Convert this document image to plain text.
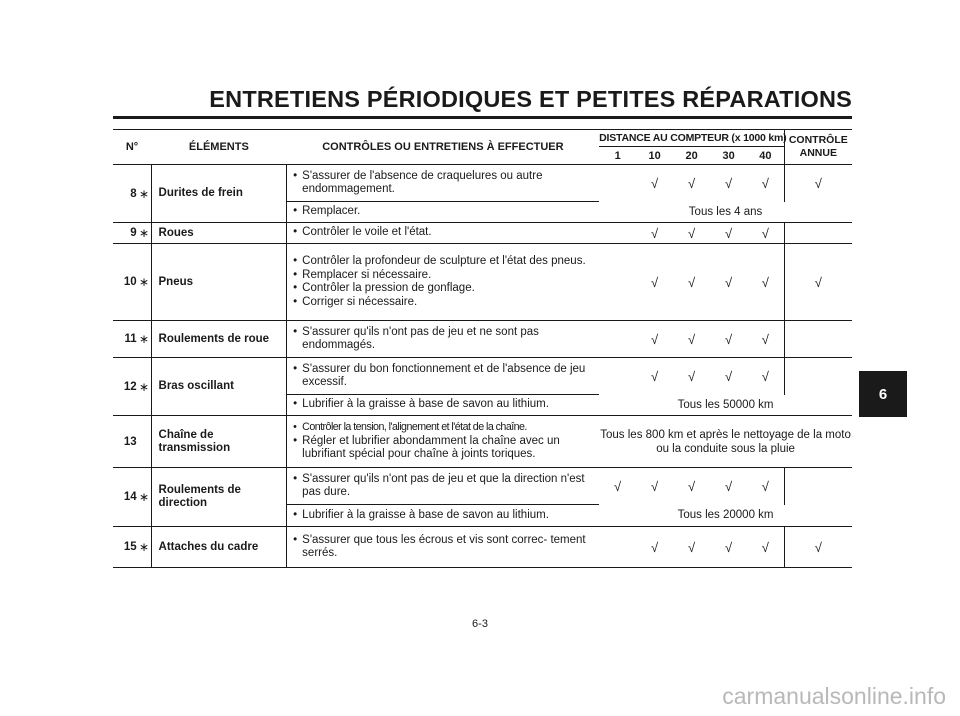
ENTRETIENS PÉRIODIQUES ET PETITES RÉPARATIONS
N°		ÉLÉMENTS	CONTRÔLES OU ENTRETIENS À EFFECTUER	DISTANCE AU COMPTEUR (x 1000 km)					CONTRÔLE ANNUE
				1	10	20	30	40	
8	∗	Durites de frein	• S'assurer de l'absence de craquelures ou autre endommagement.		√	√	√	√	√

			• Remplacer.	Tous les 4 ans					
9	∗	Roues	• Contrôler le voile et l'état.		√	√	√	√	
10	∗	Pneus	• Contrôler la profondeur de sculpture et l'état des pneus.
• Remplacer si nécessaire.
• Contrôler la pression de gonflage.
• Corriger si nécessaire.		√	√	√	√	√
11	∗	Roulements de roue	• S'assurer qu'ils n'ont pas de jeu et ne sont pas endommagés.		√	√	√	√	
12	∗	Bras oscillant	• S'assurer du bon fonctionnement et de l'absence de jeu excessif.		√	√	√	√	

			• Lubrifier à la graisse à base de savon au lithium.	Tous les 50000 km					
13		Chaîne de transmission	• Contrôler la tension, l'alignement et l'état de la chaîne.
• Régler et lubrifier abondamment la chaîne avec un lubrifiant spécial pour chaîne à joints toriques.	Tous les 800 km et après le nettoyage de la moto ou la conduite sous la pluie					
14	∗	Roulements de direction	• S'assurer qu'ils n'ont pas de jeu et que la direction n'est pas dure.	√	√	√	√	√	

			• Lubrifier à la graisse à base de savon au lithium.	Tous les 20000 km					
15	∗	Attaches du cadre	• S'assurer que tous les écrous et vis sont correc- tement serrés.		√	√	√	√	√
6
6-3
carmanualsonline.info
